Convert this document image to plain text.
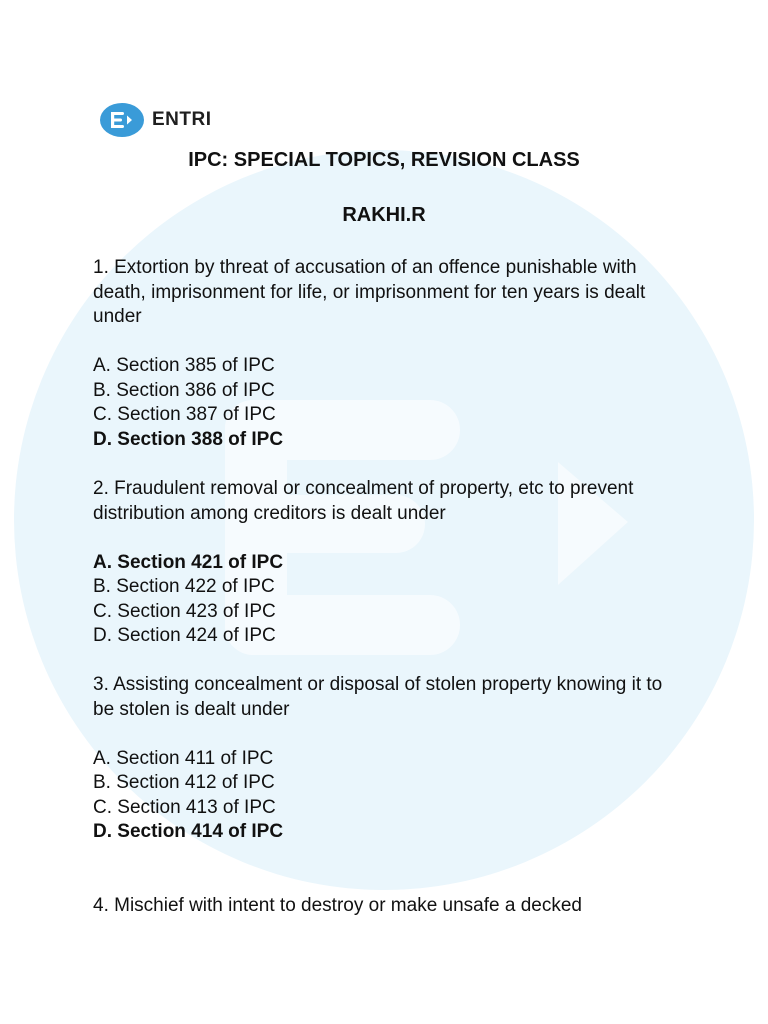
ENTRI
IPC: SPECIAL TOPICS, REVISION CLASS
RAKHI.R

1. Extortion by threat of accusation of an offence punishable with death, imprisonment for life, or imprisonment for ten years is dealt under

A. Section 385 of IPC

B. Section 386 of IPC

C. Section 387 of IPC

D. Section 388 of IPC

2. Fraudulent removal or concealment of property, etc to prevent distribution among creditors is dealt under

A. Section 421 of IPC

B. Section 422 of IPC

C. Section 423 of IPC

D. Section 424 of IPC

3. Assisting concealment or disposal of stolen property knowing it to be stolen is dealt under

A. Section 411 of IPC

B. Section 412 of IPC

C. Section 413 of IPC

D. Section 414 of IPC

4. Mischief with intent to destroy or make unsafe a decked
